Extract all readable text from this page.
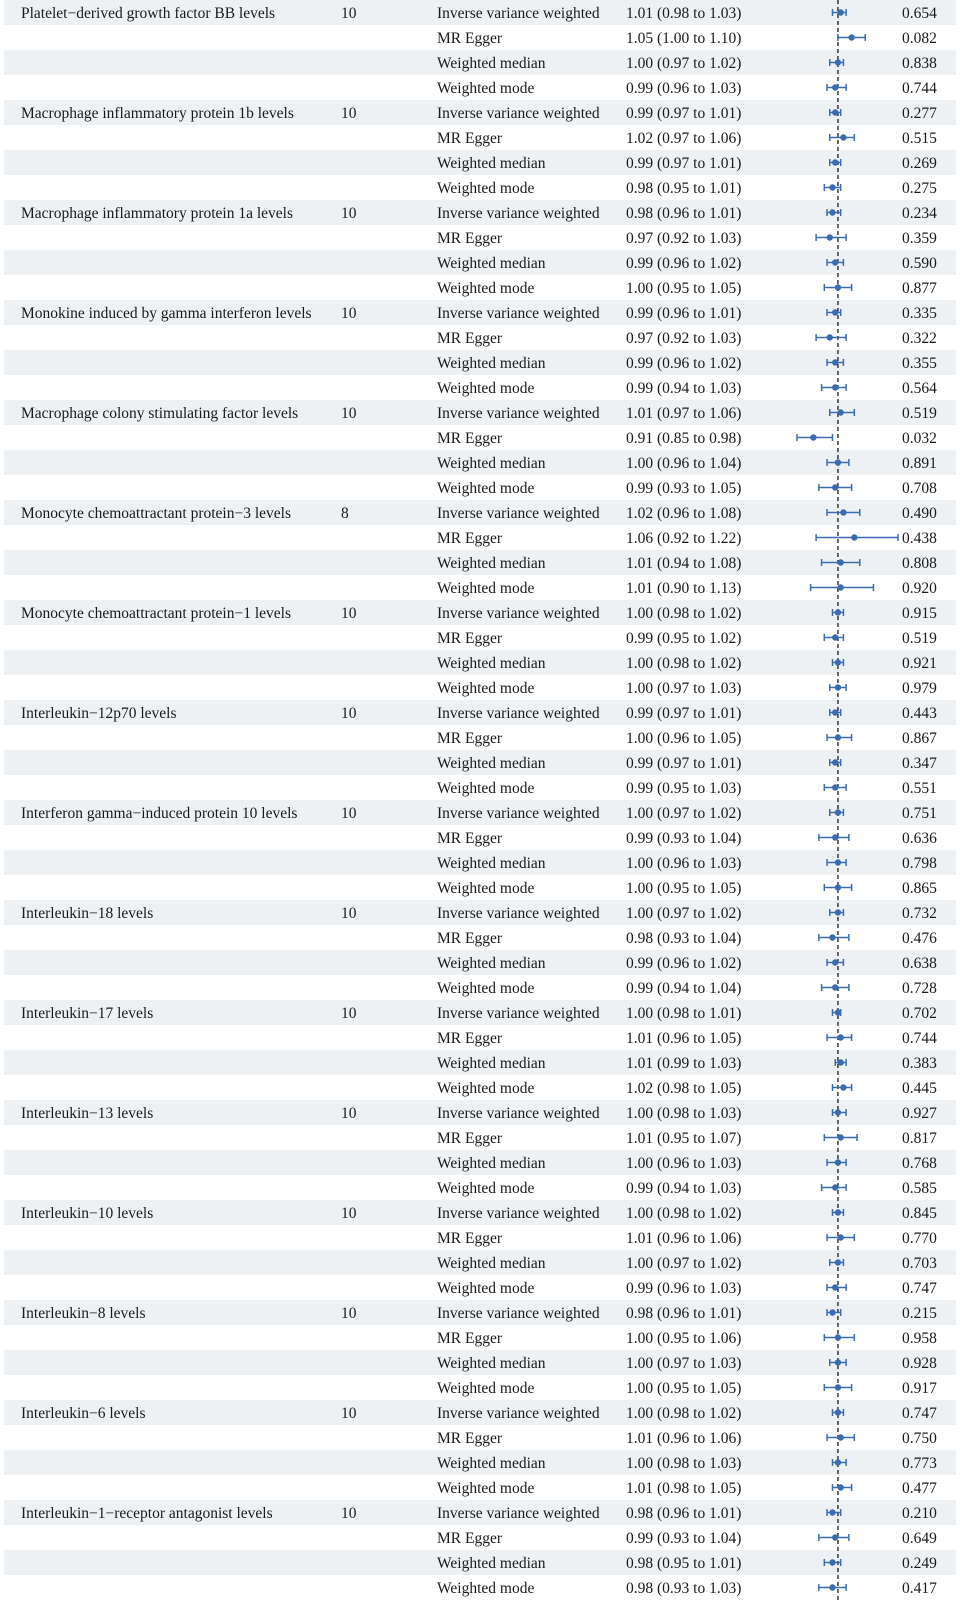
Platelet−derived growth factor BB levels	10	Inverse variance weighted 1.01 (0.98 to 1.03)	0.654
MR Egger	1.05 (1.00 to 1.10)	0.082
Weighted median	1.00 (0.97 to 1.02)	0.838
Weighted mode	0.99 (0.96 to 1.03)	0.744
Macrophage inflammatory protein 1b levels	10	Inverse variance weighted 0.99 (0.97 to 1.01)	0.277
MR Egger	1.02 (0.97 to 1.06)	0.515
Weighted median	0.99 (0.97 to 1.01)	0.269
Weighted mode	0.98 (0.95 to 1.01)	0.275
Macrophage inflammatory protein 1a levels	10	Inverse variance weighted 0.98 (0.96 to 1.01)	0.234
MR Egger	0.97 (0.92 to 1.03)	0.359
Weighted median	0.99 (0.96 to 1.02)	0.590
Weighted mode	1.00 (0.95 to 1.05)	0.877
Monokine induced by gamma interferon levels 10	Inverse variance weighted 0.99 (0.96 to 1.01)	0.335
MR Egger	0.97 (0.92 to 1.03)	0.322
Weighted median	0.99 (0.96 to 1.02)	0.355
Weighted mode	0.99 (0.94 to 1.03)	0.564
Macrophage colony stimulating factor levels	10	Inverse variance weighted 1.01 (0.97 to 1.06)	0.519
MR Egger	0.91 (0.85 to 0.98)	0.032
Weighted median	1.00 (0.96 to 1.04)	0.891
Weighted mode	0.99 (0.93 to 1.05)	0.708
Monocyte chemoattractant protein−3 levels	8	Inverse variance weighted 1.02 (0.96 to 1.08)	0.490
MR Egger	1.06 (0.92 to 1.22)	0.438
Weighted median	1.01 (0.94 to 1.08)	0.808
Weighted mode	1.01 (0.90 to 1.13)	0.920
Monocyte chemoattractant protein−1 levels	10	Inverse variance weighted 1.00 (0.98 to 1.02)	0.915
MR Egger	0.99 (0.95 to 1.02)	0.519
Weighted median	1.00 (0.98 to 1.02)	0.921
Weighted mode	1.00 (0.97 to 1.03)	0.979
Interleukin−12p70 levels	10	Inverse variance weighted 0.99 (0.97 to 1.01)	0.443
MR Egger	1.00 (0.96 to 1.05)	0.867
Weighted median	0.99 (0.97 to 1.01)	0.347
Weighted mode	0.99 (0.95 to 1.03)	0.551
Interferon gamma−induced protein 10 levels	10	Inverse variance weighted 1.00 (0.97 to 1.02)	0.751
MR Egger	0.99 (0.93 to 1.04)	0.636
Weighted median	1.00 (0.96 to 1.03)	0.798
Weighted mode	1.00 (0.95 to 1.05)	0.865
Interleukin−18 levels	10	Inverse variance weighted 1.00 (0.97 to 1.02)	0.732
MR Egger	0.98 (0.93 to 1.04)	0.476
Weighted median	0.99 (0.96 to 1.02)	0.638
Weighted mode	0.99 (0.94 to 1.04)	0.728
Interleukin−17 levels	10	Inverse variance weighted 1.00 (0.98 to 1.01)	0.702
MR Egger	1.01 (0.96 to 1.05)	0.744
Weighted median	1.01 (0.99 to 1.03)	0.383
Weighted mode	1.02 (0.98 to 1.05)	0.445
Interleukin−13 levels	10	Inverse variance weighted 1.00 (0.98 to 1.03)	0.927
MR Egger	1.01 (0.95 to 1.07)	0.817
Weighted median	1.00 (0.96 to 1.03)	0.768
Weighted mode	0.99 (0.94 to 1.03)	0.585
Interleukin−10 levels	10	Inverse variance weighted 1.00 (0.98 to 1.02)	0.845
MR Egger	1.01 (0.96 to 1.06)	0.770
Weighted median	1.00 (0.97 to 1.02)	0.703
Weighted mode	0.99 (0.96 to 1.03)	0.747
Interleukin−8 levels	10	Inverse variance weighted 0.98 (0.96 to 1.01)	0.215
MR Egger	1.00 (0.95 to 1.06)	0.958
Weighted median	1.00 (0.97 to 1.03)	0.928
Weighted mode	1.00 (0.95 to 1.05)	0.917
Interleukin−6 levels	10	Inverse variance weighted 1.00 (0.98 to 1.02)	0.747
MR Egger	1.01 (0.96 to 1.06)	0.750
Weighted median	1.00 (0.98 to 1.03)	0.773
Weighted mode	1.01 (0.98 to 1.05)	0.477
Interleukin−1−receptor antagonist levels	10	Inverse variance weighted 0.98 (0.96 to 1.01)	0.210
MR Egger	0.99 (0.93 to 1.04)	0.649
Weighted median	0.98 (0.95 to 1.01)	0.249
Weighted mode	0.98 (0.93 to 1.03)	0.417
